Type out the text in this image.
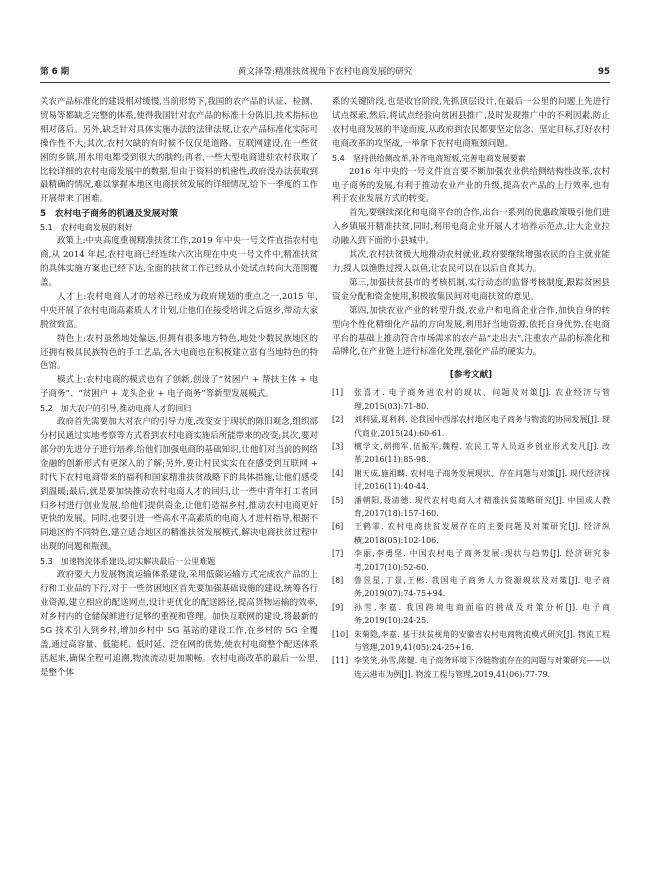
第 6 期	黄文泽等:精准扶贫视角下农村电商发展的研究	95
关农产品标准化的建设相对缓慢,当前形势下,我国的农产品的认证、检测、贸易等都缺乏完整的体系,使得我国针对农产品的标准十分陈旧,技术指标也相对落后。另外,缺乏针对具体实施办法的法律法规,让农产品标准化实际可操作性不大;其次,农村欠缺的有时候不仅仅是道路、互联网建设,在一些贫困的乡镇,用水用电都受到很大的制约;再者,一些大型电商进驻农村获取了比较详细的农村电商发展中的数据,但由于资料的机密性,政府没办法获取到最精确的情况,难以掌握本地区电商扶贫发展的详细情况,给下一季度的工作开展带来了困难。
5　农村电子商务的机遇及发展对策
5.1　农村电商发展的利好
政策上:中央高度重视精准扶贫工作,2019 年中央一号文件直指农村电商,从 2014 年起,农村电商已经连续六次出现在中央一号文件中,精准扶贫的具体实施方案也已经下达,全面的扶贫工作已经从小处试点转向大范围覆盖。
人才上:农村电商人才的培养已经成为政府规划的重点之一,2015 年,中央开展了农村电商高素质人才计划,让他们在接受培训之后返乡,带动大家脱贫致富。
特色上:农村虽然地处偏远,但拥有很多地方特色,地处少数民族地区的还拥有极具民族特色的手工艺品,各大电商也在积极建立富有当地特色的特色馆。
模式上:农村电商的模式也有了创新,创设了“贫困户 + 帮扶主体 + 电子商务”、“贫困户 + 龙头企业 + 电子商务”等新型发展模式。
5.2　加大农户的引导,推动电商人才的回归
政府首先需要加大对农户的引导力度,改变安于现状的陈旧观念,组织部分村民通过实地考察等方式看到农村电商实施后所能带来的改变;其次,要对部分的先进分子进行培养,给他们加强电商的基础知识,让他们对当前的网络金融的创新形式有更深入的了解;另外,要让村民实实在在感受到互联网 + 时代下农村电商带来的福利和国家精准扶贫战略下的具体措施,让他们感受到温暖;最后,就是要加快推动农村电商人才的回归,让一些中青年打工者回归乡村进行创业发展,给他们提供资金,让他们造福乡村,推动农村电商更好更快的发展。同时,也要引进一些高水平高素质的电商人才进村指导,根据不同地区的不同特色,建立适合地区的精准扶贫发展模式,解决电商扶贫过程中出现的问题和瓶颈。
5.3　加速物流体系建设,切实解决最后一公里难题
政府要大力发展物流运输体系建设,采用低碳运输方式完成农产品的上行和工业品的下行,对于一些贫困地区首先要加强基础设施的建设,统筹各行业资源,建立相应的配送网点,设计更优化的配送路径,提高货物运输的效率,对乡村内的仓储保鲜进行足够的重视和管理。加快互联网的建设,将最新的 5G 技术引入到乡村,增加乡村中 5G 基站的建设工作,在乡村的 5G 全覆盖,通过高容量、低能耗、低时延、泛在网的优势,使农村电商整个配送体系活起来,确保全程可追溯,物流流动更加顺畅。农村电商改革的最后一公里,是整个体
系的关键阶段,也是收官阶段,先抓顶层设计,在最后一公里的问题上先进行试点探索,然后,将试点经验向贫困县推广,及时发现推广中的不利因素,防止农村电商发展的半途而废,从政府到农民都要坚定信念、坚定目标,打好农村电商改革的攻坚战,一举拿下农村电商瓶颈问题。
5.4　坚持供给侧改革,补齐电商短板,完善电商发展要素
2016 年中央的一号文件直言要不断加强农业供给侧结构性改革,农村电子商务的发展,有利于推动农业产业的升级,提高农产品的上行效率,也有利于农业发展方式的转变。
首先,要继续深化和电商平台的合作,出台一系列的优惠政策吸引他们进入乡镇展开精准扶贫,同时,利用电商企业开展人才培养示范点,让大企业拉动融入到下面的小县城中。
其次,农村扶贫极大地推动农村就业,政府要继续增强农民的自主就业能力,授人以渔胜过授人以鱼,让农民可以在以后自食其力。
第三,加强扶贫县市的考核机制,实行动态的监督考核制度,跟踪贫困县资金分配和资金使用,积极收集民间对电商扶贫的意见。
第四,加快农业产业的转型升级,农业户和电商企业合作,加快自身的转型向个性化精细化产品的方向发展,利用好当地资源,依托自身优势,在电商平台的基础上推动符合市场需求的农产品“走出去”,注重农产品的标准化和品牌化,在产业链上进行标准化处理,强化产品的硬实力。
[参考文献]
[1]	张喜才. 电子商务进农村的现状、问题及对策[J]. 农业经济与管理,2015(03):71-80.
[2]	刘利猛,夏利利. 论我国中西部农村地区电子商务与物流的协同发展[J]. 现代商业,2015(24):60-61.
[3]	檀学文,胡拥军,伍振军,魏程. 农民工等人员返乡创业形式发凡[J]. 改革,2016(11):85-98.
[4]	谢天成,施祖麟. 农村电子商务发展现状、存在问题与对策[J]. 现代经济探讨,2016(11):40-44.
[5]	潘朝阳,聂清德. 现代农村电商人才精准扶贫策略研究[J]. 中国成人教育,2017(18):157-160.
[6]	王鹤霏. 农村电商扶贫发展存在的主要问题及对策研究[J]. 经济纵横,2018(05):102-106.
[7]	李丽,李勇坚. 中国农村电子商务发展:现状与趋势[J]. 经济研究参考,2017(10):52-60.
[8]	鲁昱星,丁景,王彬. 我国电子商务人力资源现状及对策[J]. 电子商务,2019(07):74-75+94.
[9]	孙雪,李嘉. 我国跨境电商面临的挑战及对策分析[J]. 电子商务,2019(10):24-25.
[10] 朱菊隐,李嘉. 基于扶贫视角的安徽省农村电商物流模式研究[J]. 物流工程与管理,2019,41(05):24-25+16.
[11] 李笑笑,孙雪,陈健. 电子商务环境下冷链物流存在的问题与对策研究——以连云港市为例[J]. 物流工程与管理,2019,41(06):77-79.
